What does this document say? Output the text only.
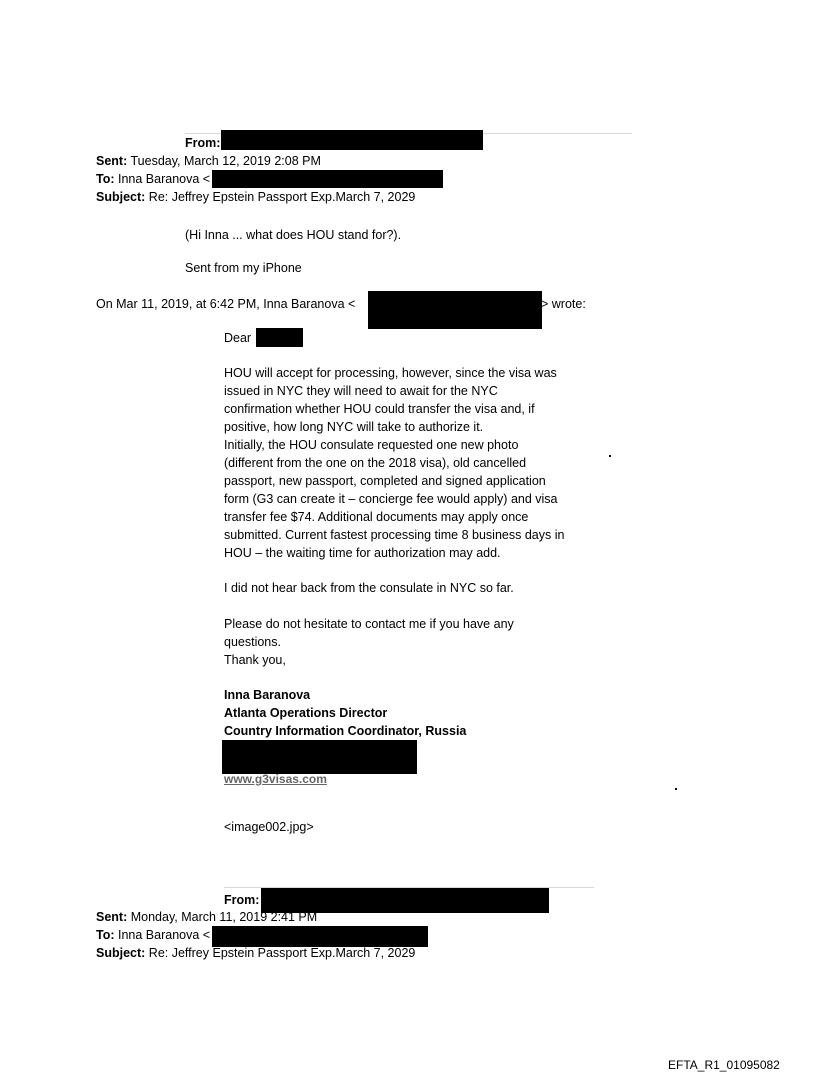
From:
Sent: Tuesday, March 12, 2019 2:08 PM
To: Inna Baranova <
Subject: Re: Jeffrey Epstein Passport Exp.March 7, 2029
(Hi Inna ... what does HOU stand for?).
Sent from my iPhone
On Mar 11, 2019, at 6:42 PM, Inna Baranova <	> wrote:
Dear
HOU will accept for processing, however, since the visa was
issued in NYC they will need to await for the NYC
confirmation whether HOU could transfer the visa and, if
positive, how long NYC will take to authorize it.
Initially, the HOU consulate requested one new photo
(different from the one on the 2018 visa), old cancelled
passport, new passport, completed and signed application
form (G3 can create it – concierge fee would apply) and visa
transfer fee $74. Additional documents may apply once
submitted. Current fastest processing time 8 business days in
HOU – the waiting time for authorization may add.
I did not hear back from the consulate in NYC so far.
Please do not hesitate to contact me if you have any
questions.
Thank you,
Inna Baranova
Atlanta Operations Director
Country Information Coordinator, Russia
www.g3visas.com
<image002.jpg>
From:
Sent: Monday, March 11, 2019 2:41 PM
To: Inna Baranova <
Subject: Re: Jeffrey Epstein Passport Exp.March 7, 2029
EFTA_R1_01095082
